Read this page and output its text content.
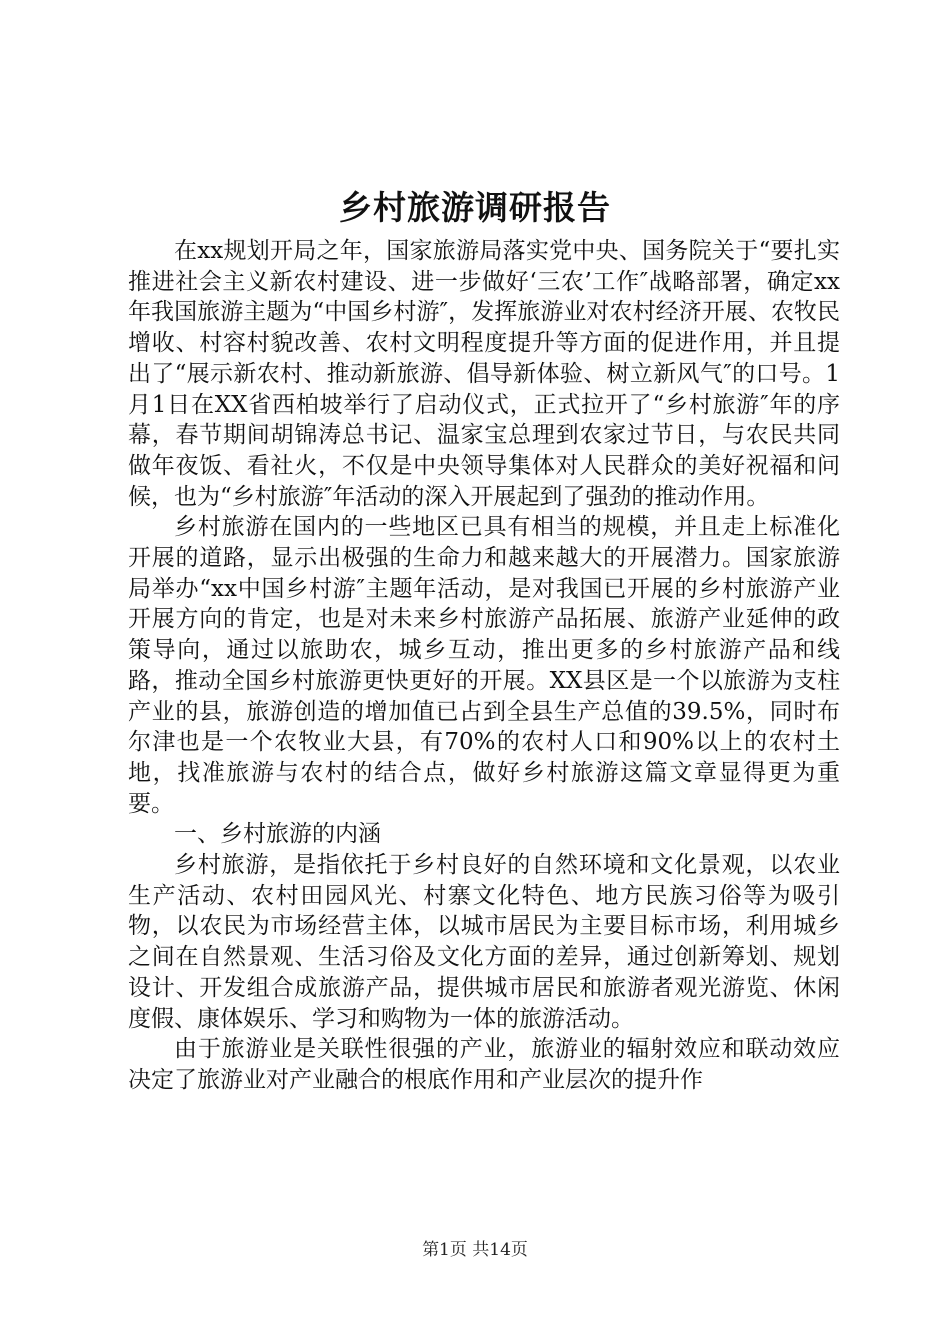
乡村旅游调研报告

在xx规划开局之年，国家旅游局落实党中央、国务院关于“要扎实推进社会主义新农村建设、进一步做好‘三农’工作″战略部署，确定xx年我国旅游主题为“中国乡村游″，发挥旅游业对农村经济开展、农牧民增收、村容村貌改善、农村文明程度提升等方面的促进作用，并且提出了“展示新农村、推动新旅游、倡导新体验、树立新风气″的口号。1月1日在XX省西柏坡举行了启动仪式，正式拉开了“乡村旅游″年的序幕，春节期间胡锦涛总书记、温家宝总理到农家过节日，与农民共同做年夜饭、看社火，不仅是中央领导集体对人民群众的美好祝福和问候，也为“乡村旅游″年活动的深入开展起到了强劲的推动作用。

乡村旅游在国内的一些地区已具有相当的规模，并且走上标准化开展的道路，显示出极强的生命力和越来越大的开展潜力。国家旅游局举办“xx中国乡村游″主题年活动，是对我国已开展的乡村旅游产业开展方向的肯定，也是对未来乡村旅游产品拓展、旅游产业延伸的政策导向，通过以旅助农，城乡互动，推出更多的乡村旅游产品和线路，推动全国乡村旅游更快更好的开展。XX县区是一个以旅游为支柱产业的县，旅游创造的增加值已占到全县生产总值的39.5%，同时布尔津也是一个农牧业大县，有70%的农村人口和90%以上的农村土地，找准旅游与农村的结合点，做好乡村旅游这篇文章显得更为重要。

一、乡村旅游的内涵

乡村旅游，是指依托于乡村良好的自然环境和文化景观，以农业生产活动、农村田园风光、村寨文化特色、地方民族习俗等为吸引物，以农民为市场经营主体，以城市居民为主要目标市场，利用城乡之间在自然景观、生活习俗及文化方面的差异，通过创新筹划、规划设计、开发组合成旅游产品，提供城市居民和旅游者观光游览、休闲度假、康体娱乐、学习和购物为一体的旅游活动。

由于旅游业是关联性很强的产业，旅游业的辐射效应和联动效应决定了旅游业对产业融合的根底作用和产业层次的提升作

第1页 共14页
